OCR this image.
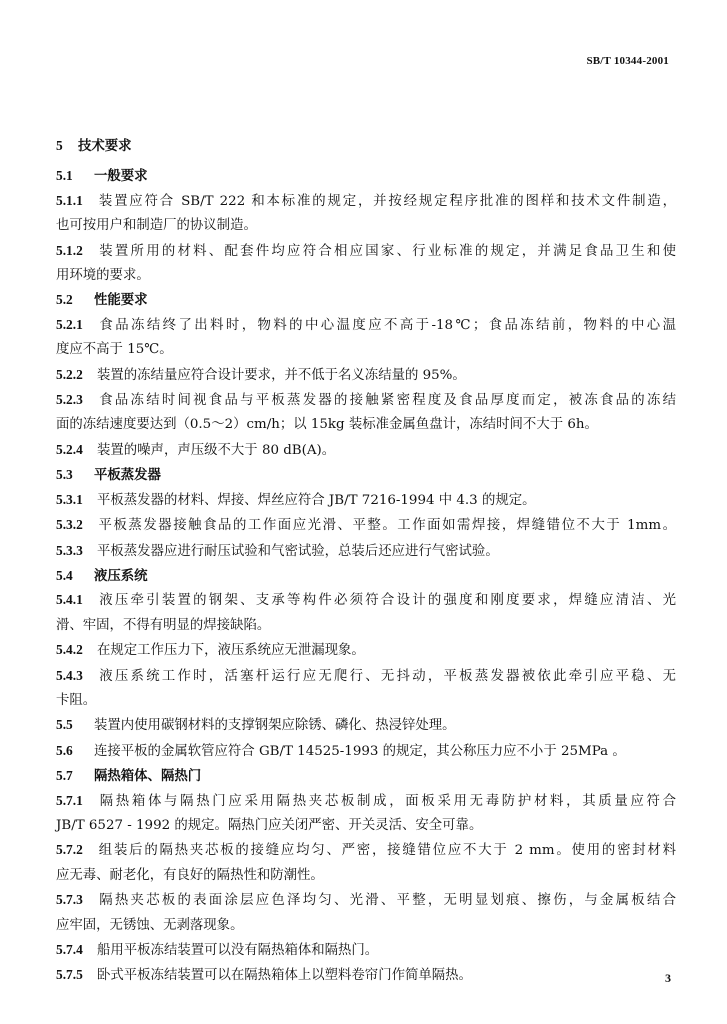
SB/T 10344-2001
5 技术要求
5.1 一般要求
5.1.1 装置应符合 SB/T 222 和本标准的规定，并按经规定程序批准的图样和技术文件制造，
也可按用户和制造厂的协议制造。
5.1.2 装置所用的材料、配套件均应符合相应国家、行业标准的规定，并满足食品卫生和使
用环境的要求。
5.2 性能要求
5.2.1 食品冻结终了出料时，物料的中心温度应不高于-18℃；食品冻结前，物料的中心温
度应不高于 15℃。
5.2.2 装置的冻结量应符合设计要求，并不低于名义冻结量的 95%。
5.2.3 食品冻结时间视食品与平板蒸发器的接触紧密程度及食品厚度而定，被冻食品的冻结
面的冻结速度要达到（0.5～2）cm/h；以 15kg 装标准金属鱼盘计，冻结时间不大于 6h。
5.2.4 装置的噪声，声压级不大于 80 dB(A)。
5.3 平板蒸发器
5.3.1 平板蒸发器的材料、焊接、焊丝应符合 JB/T 7216-1994 中 4.3 的规定。
5.3.2 平板蒸发器接触食品的工作面应光滑、平整。工作面如需焊接，焊缝错位不大于 1mm。
5.3.3 平板蒸发器应进行耐压试验和气密试验，总装后还应进行气密试验。
5.4 液压系统
5.4.1 液压牵引装置的钢架、支承等构件必须符合设计的强度和刚度要求，焊缝应清洁、光
滑、牢固，不得有明显的焊接缺陷。
5.4.2 在规定工作压力下，液压系统应无泄漏现象。
5.4.3 液压系统工作时，活塞杆运行应无爬行、无抖动，平板蒸发器被依此牵引应平稳、无
卡阻。
5.5 装置内使用碳钢材料的支撑钢架应除锈、磷化、热浸锌处理。
5.6 连接平板的金属软管应符合 GB/T 14525-1993 的规定，其公称压力应不小于 25MPa 。
5.7 隔热箱体、隔热门
5.7.1 隔热箱体与隔热门应采用隔热夹芯板制成，面板采用无毒防护材料，其质量应符合
JB/T 6527 - 1992 的规定。隔热门应关闭严密、开关灵活、安全可靠。
5.7.2 组装后的隔热夹芯板的接缝应均匀、严密，接缝错位应不大于 2 mm。使用的密封材料
应无毒、耐老化，有良好的隔热性和防潮性。
5.7.3 隔热夹芯板的表面涂层应色泽均匀、光滑、平整，无明显划痕、擦伤，与金属板结合
应牢固，无锈蚀、无剥落现象。
5.7.4 船用平板冻结装置可以没有隔热箱体和隔热门。
5.7.5 卧式平板冻结装置可以在隔热箱体上以塑料卷帘门作简单隔热。	3
